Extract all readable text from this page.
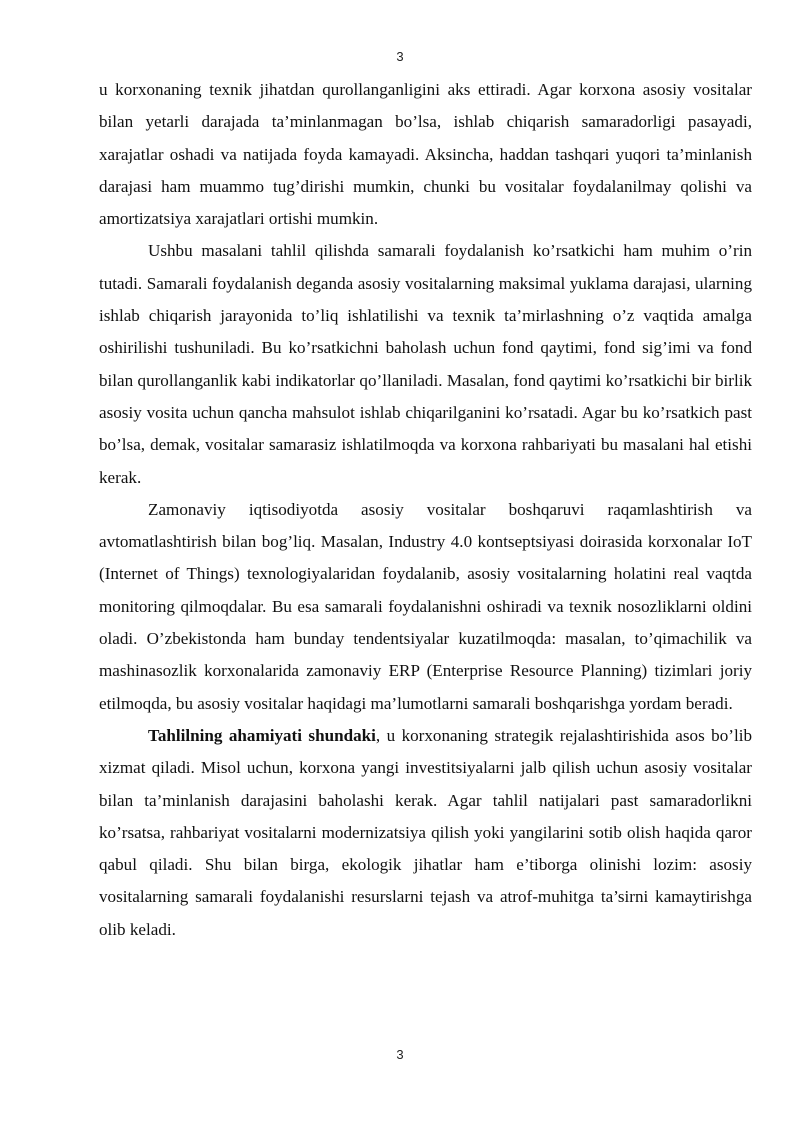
3

u korxonaning texnik jihatdan qurollanganligini aks ettiradi. Agar korxona asosiy vositalar bilan yetarli darajada ta’minlanmagan bo’lsa, ishlab chiqarish samaradorligi pasayadi, xarajatlar oshadi va natijada foyda kamayadi. Aksincha, haddan tashqari yuqori ta’minlanish darajasi ham muammo tug’dirishi mumkin, chunki bu vositalar foydalanilmay qolishi va amortizatsiya xarajatlari ortishi mumkin.

Ushbu masalani tahlil qilishda samarali foydalanish ko’rsatkichi ham muhim o’rin tutadi. Samarali foydalanish deganda asosiy vositalarning maksimal yuklama darajasi, ularning ishlab chiqarish jarayonida to’liq ishlatilishi va texnik ta’mirlashning o’z vaqtida amalga oshirilishi tushuniladi. Bu ko’rsatkichni baholash uchun fond qaytimi, fond sig’imi va fond bilan qurollanganlik kabi indikatorlar qo’llaniladi. Masalan, fond qaytimi ko’rsatkichi bir birlik asosiy vosita uchun qancha mahsulot ishlab chiqarilganini ko’rsatadi. Agar bu ko’rsatkich past bo’lsa, demak, vositalar samarasiz ishlatilmoqda va korxona rahbariyati bu masalani hal etishi kerak.

Zamonaviy iqtisodiyotda asosiy vositalar boshqaruvi raqamlashtirish va avtomatlashtirish bilan bog’liq. Masalan, Industry 4.0 kontseptsiyasi doirasida korxonalar IoT (Internet of Things) texnologiyalaridan foydalanib, asosiy vositalarning holatini real vaqtda monitoring qilmoqdalar. Bu esa samarali foydalanishni oshiradi va texnik nosozliklarni oldini oladi. O’zbekistonda ham bunday tendentsiyalar kuzatilmoqda: masalan, to’qimachilik va mashinasozlik korxonalarida zamonaviy ERP (Enterprise Resource Planning) tizimlari joriy etilmoqda, bu asosiy vositalar haqidagi ma’lumotlarni samarali boshqarishga yordam beradi.

Tahlilning ahamiyati shundaki, u korxonaning strategik rejalashtirishida asos bo’lib xizmat qiladi. Misol uchun, korxona yangi investitsiyalarni jalb qilish uchun asosiy vositalar bilan ta’minlanish darajasini baholashi kerak. Agar tahlil natijalari past samaradorlikni ko’rsatsa, rahbariyat vositalarni modernizatsiya qilish yoki yangilarini sotib olish haqida qaror qabul qiladi. Shu bilan birga, ekologik jihatlar ham e’tiborga olinishi lozim: asosiy vositalarning samarali foydalanishi resurslarni tejash va atrof-muhitga ta’sirni kamaytirishga olib keladi.

3
